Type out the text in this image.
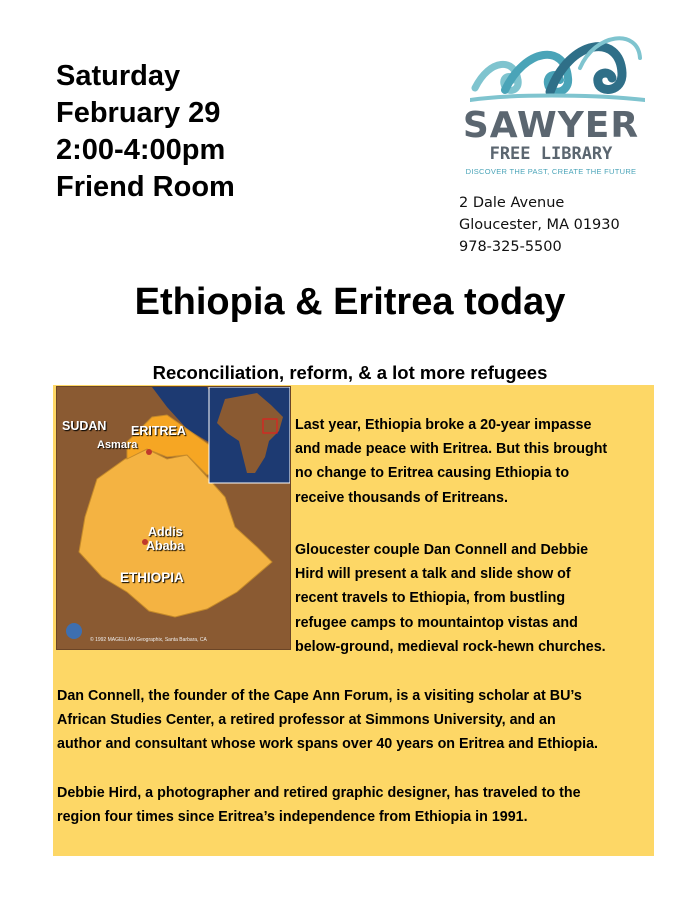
Saturday
February 29
2:00-4:00pm
Friend Room
SAWYER
FREE LIBRARY
DISCOVER THE PAST, CREATE THE FUTURE
2 Dale Avenue
Gloucester, MA 01930
978-325-5500
Ethiopia & Eritrea today
Reconciliation, reform, & a lot more refugees
SUDAN ERITREA
Asmara
Addis
Ababa
ETHIOPIA
© 1992 MAGELLAN Geographix, Santa Barbara, CA
Last year, Ethiopia broke a 20-year impasse
and made peace with Eritrea. But this brought
no change to Eritrea causing Ethiopia to
receive thousands of Eritreans.
Gloucester couple Dan Connell and Debbie
Hird will present a talk and slide show of
recent travels to Ethiopia, from bustling
refugee camps to mountaintop vistas and
below-ground, medieval rock-hewn churches.
Dan Connell, the founder of the Cape Ann Forum, is a visiting scholar at BU’s
African Studies Center, a retired professor at Simmons University, and an
author and consultant whose work spans over 40 years on Eritrea and Ethiopia.
Debbie Hird, a photographer and retired graphic designer, has traveled to the
region four times since Eritrea’s independence from Ethiopia in 1991.
